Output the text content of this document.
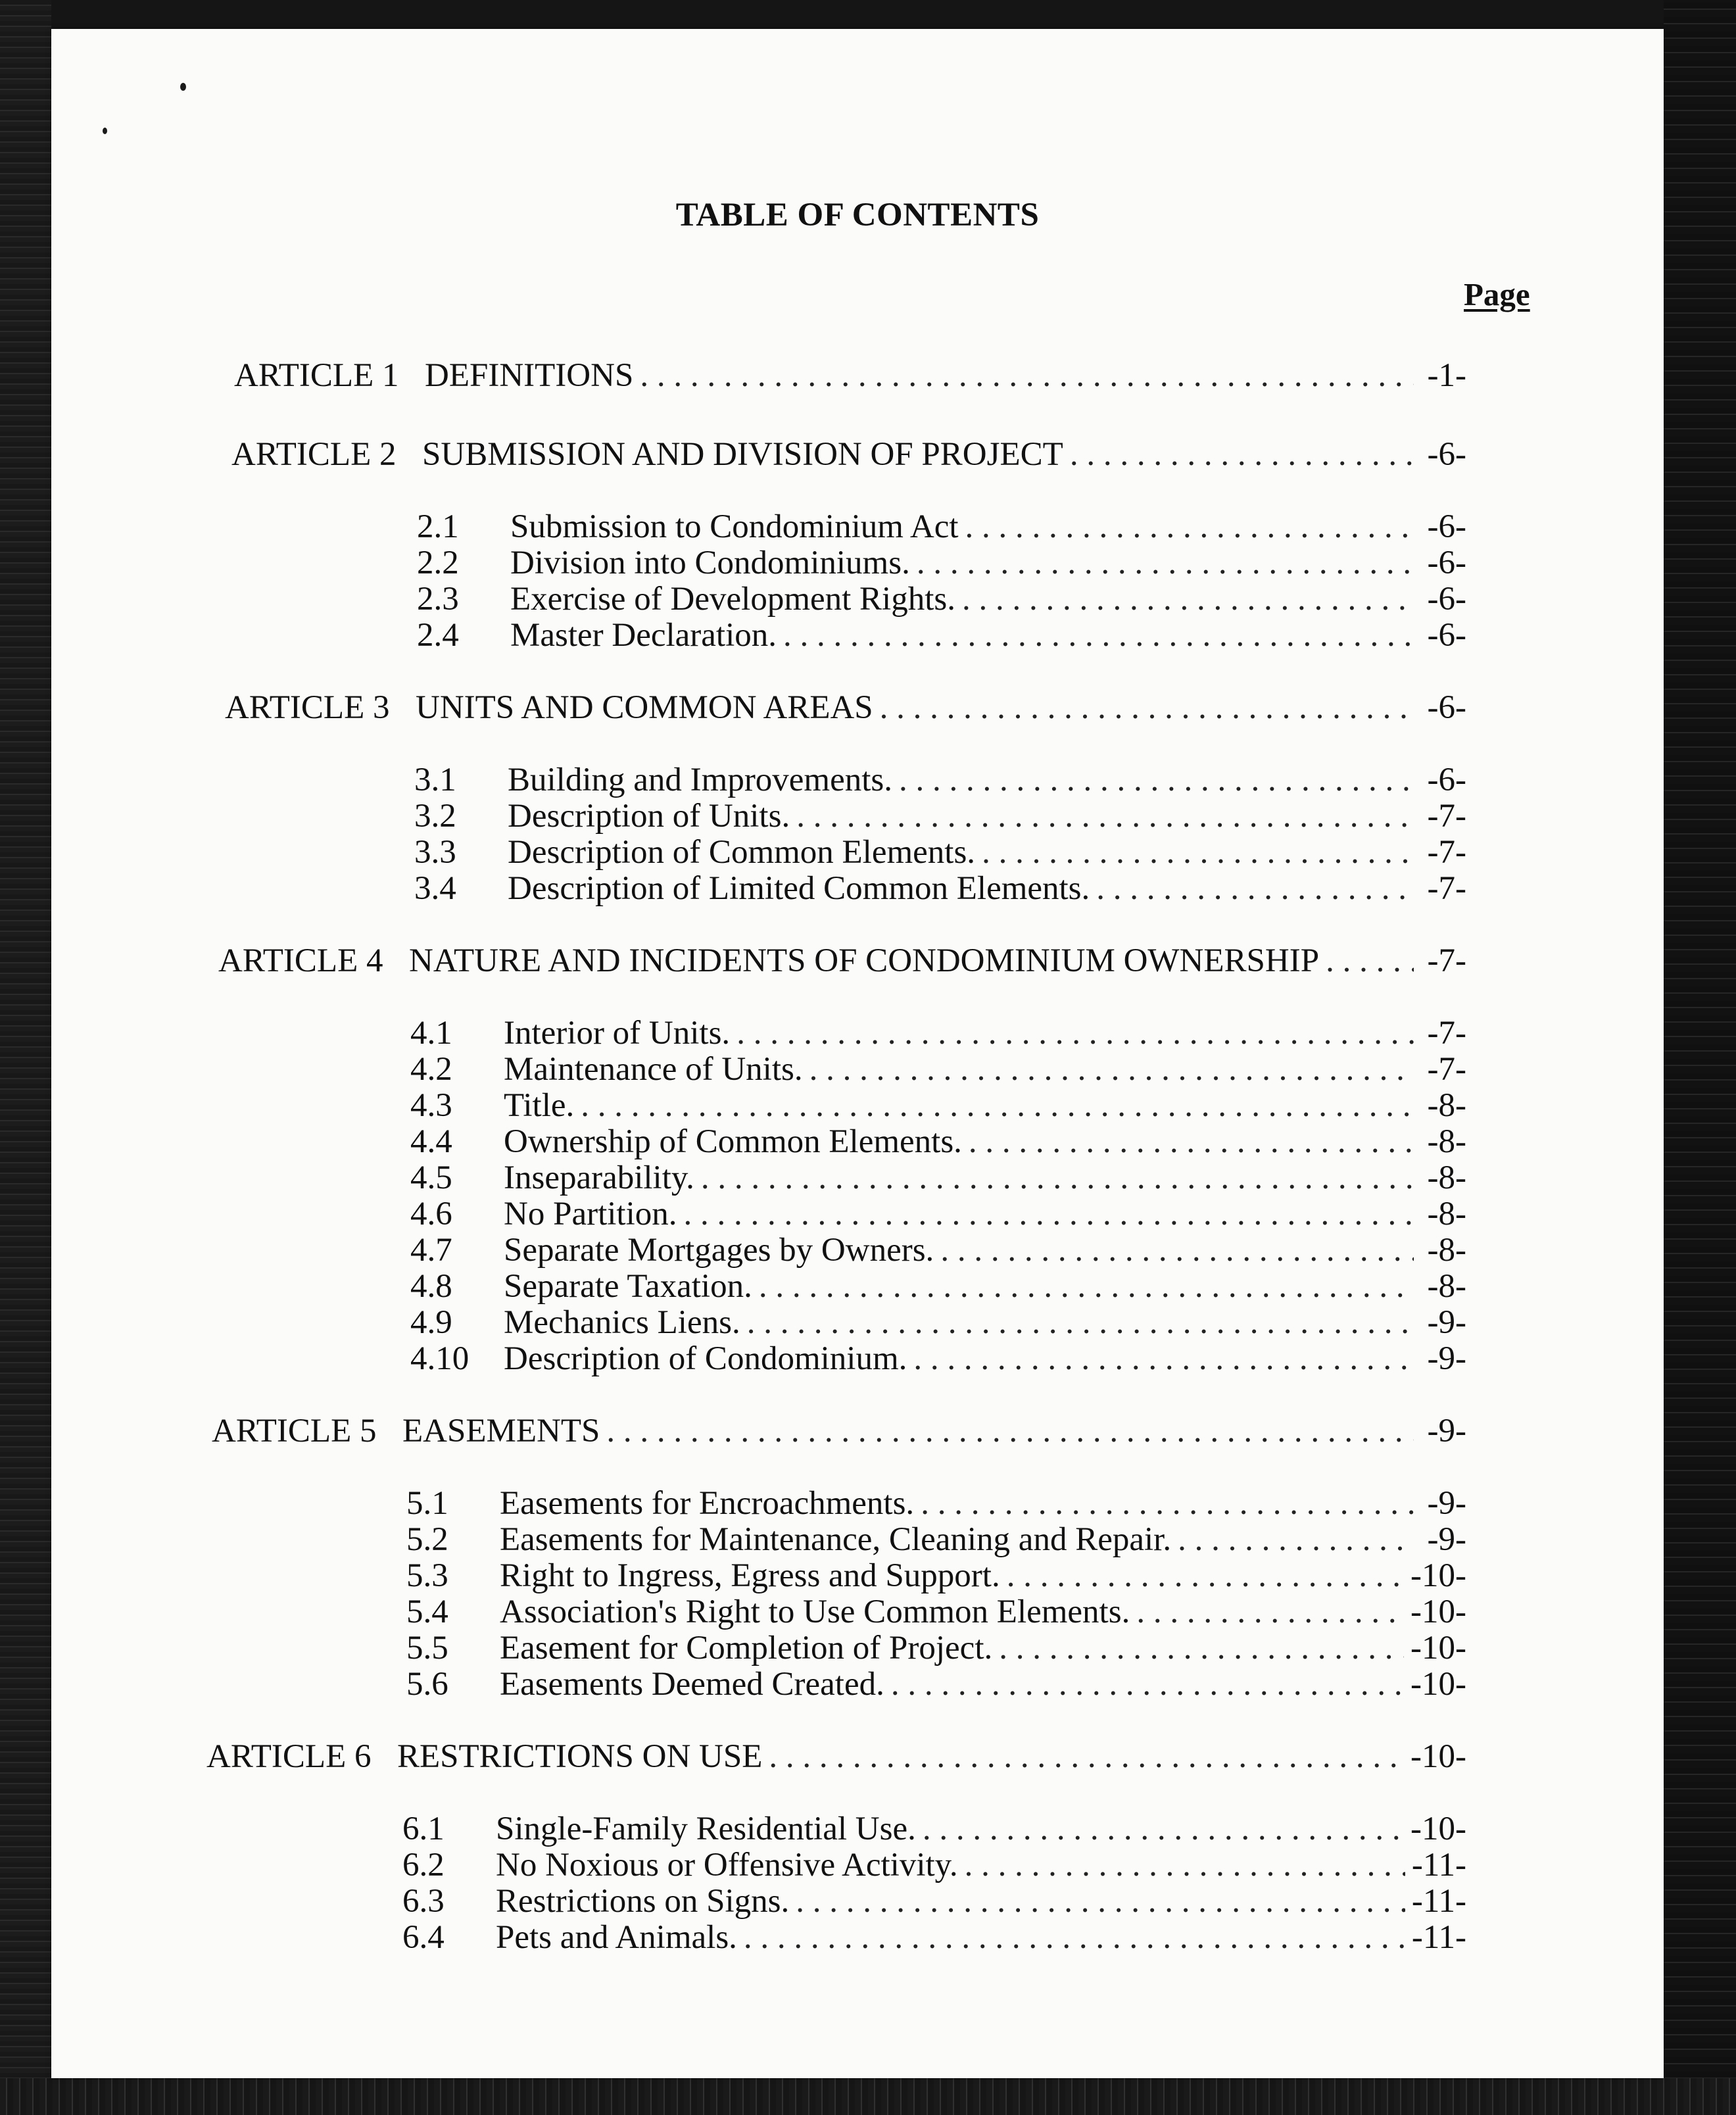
TABLE OF CONTENTS
Page
ARTICLE 1 DEFINITIONS . . .	-1-
ARTICLE 2 SUBMISSION AND DIVISION OF PROJECT . . .	-6-
2.1	Submission to Condominium Act . . .	-6-
2.2	Division into Condominiums. . . .	-6-
2.3	Exercise of Development Rights. . . .	-6-
2.4	Master Declaration. . . .	-6-
ARTICLE 3 UNITS AND COMMON AREAS . . .	-6-
3.1	Building and Improvements. . . .	-6-
3.2	Description of Units. . . .	-7-
3.3	Description of Common Elements. . . .	-7-
3.4	Description of Limited Common Elements. . . .	-7-
ARTICLE 4 NATURE AND INCIDENTS OF CONDOMINIUM OWNERSHIP . . .	-7-
4.1	Interior of Units. . . .	-7-
4.2	Maintenance of Units. . . .	-7-
4.3	Title. . . .	-8-
4.4	Ownership of Common Elements. . . .	-8-
4.5	Inseparability. . . .	-8-
4.6	No Partition. . . .	-8-
4.7	Separate Mortgages by Owners. . . .	-8-
4.8	Separate Taxation. . . .	-8-
4.9	Mechanics Liens. . . .	-9-
4.10	Description of Condominium. . . .	-9-
ARTICLE 5 EASEMENTS . . .	-9-
5.1	Easements for Encroachments. . . .	-9-
5.2	Easements for Maintenance, Cleaning and Repair. . . .	-9-
5.3	Right to Ingress, Egress and Support. . . .	-10-
5.4	Association's Right to Use Common Elements. . . .	-10-
5.5	Easement for Completion of Project. . . .	-10-
5.6	Easements Deemed Created. . . .	-10-
ARTICLE 6 RESTRICTIONS ON USE . . .	-10-
6.1	Single-Family Residential Use. . . .	-10-
6.2	No Noxious or Offensive Activity. . . .	-11-
6.3	Restrictions on Signs. . . .	-11-
6.4	Pets and Animals. . . .	-11-
